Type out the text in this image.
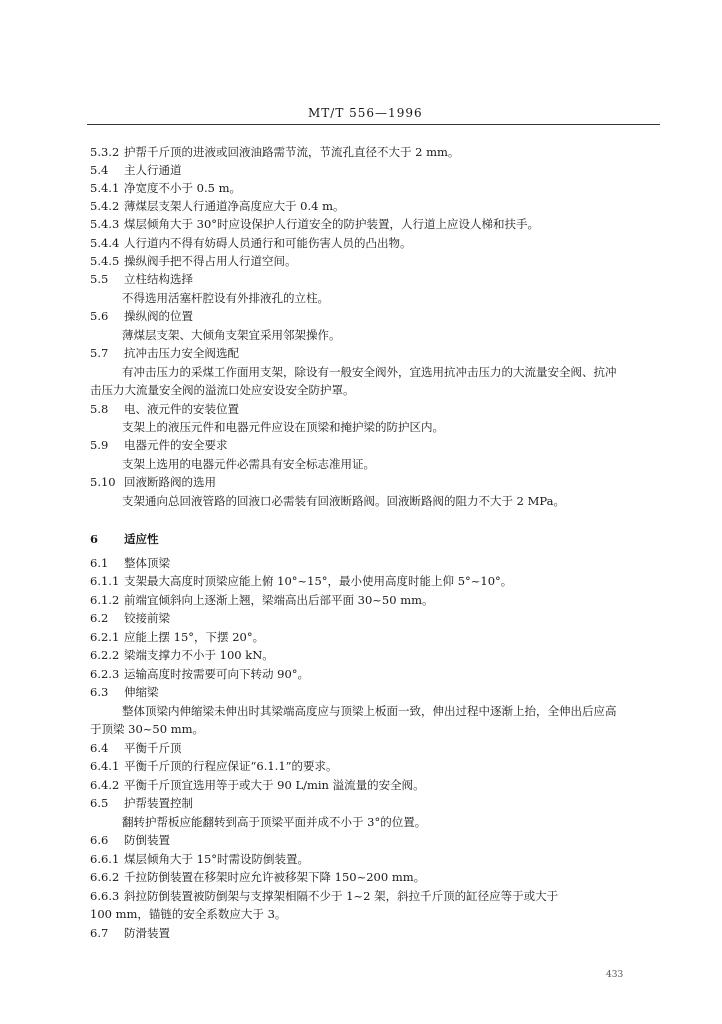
MT/T 556—1996
5.3.2 护帮千斤顶的进液或回液油路需节流，节流孔直径不大于 2 mm。
5.4 主人行通道
5.4.1 净宽度不小于 0.5 m。
5.4.2 薄煤层支架人行通道净高度应大于 0.4 m。
5.4.3 煤层倾角大于 30°时应设保护人行道安全的防护装置，人行道上应设人梯和扶手。
5.4.4 人行道内不得有妨碍人员通行和可能伤害人员的凸出物。
5.4.5 操纵阀手把不得占用人行道空间。
5.5 立柱结构选择
不得选用活塞杆腔设有外排液孔的立柱。
5.6 操纵阀的位置
薄煤层支架、大倾角支架宜采用邻架操作。
5.7 抗冲击压力安全阀选配
有冲击压力的采煤工作面用支架，除设有一般安全阀外，宜选用抗冲击压力的大流量安全阀、抗冲
击压力大流量安全阀的溢流口处应安设安全防护罩。
5.8 电、液元件的安装位置
支架上的液压元件和电器元件应设在顶梁和掩护梁的防护区内。
5.9 电器元件的安全要求
支架上选用的电器元件必需具有安全标志准用证。
5.10 回液断路阀的选用
支架通向总回液管路的回液口必需装有回液断路阀。回液断路阀的阻力不大于 2 MPa。
6 适应性
6.1 整体顶梁
6.1.1 支架最大高度时顶梁应能上俯 10°~15°，最小使用高度时能上仰 5°~10°。
6.1.2 前端宜倾斜向上逐渐上翘，梁端高出后部平面 30~50 mm。
6.2 铰接前梁
6.2.1 应能上摆 15°，下摆 20°。
6.2.2 梁端支撑力不小于 100 kN。
6.2.3 运输高度时按需要可向下转动 90°。
6.3 伸缩梁
整体顶梁内伸缩梁未伸出时其梁端高度应与顶梁上板面一致，伸出过程中逐渐上抬，全伸出后应高
于顶梁 30~50 mm。
6.4 平衡千斤顶
6.4.1 平衡千斤顶的行程应保证“6.1.1”的要求。
6.4.2 平衡千斤顶宜选用等于或大于 90 L/min 溢流量的安全阀。
6.5 护帮装置控制
翻转护帮板应能翻转到高于顶梁平面并成不小于 3°的位置。
6.6 防倒装置
6.6.1 煤层倾角大于 15°时需设防倒装置。
6.6.2 千拉防倒装置在移架时应允许被移架下降 150~200 mm。
6.6.3 斜拉防倒装置被防倒架与支撑架相隔不少于 1~2 架，斜拉千斤顶的缸径应等于或大于
100 mm，锚链的安全系数应大于 3。
6.7 防滑装置
433
